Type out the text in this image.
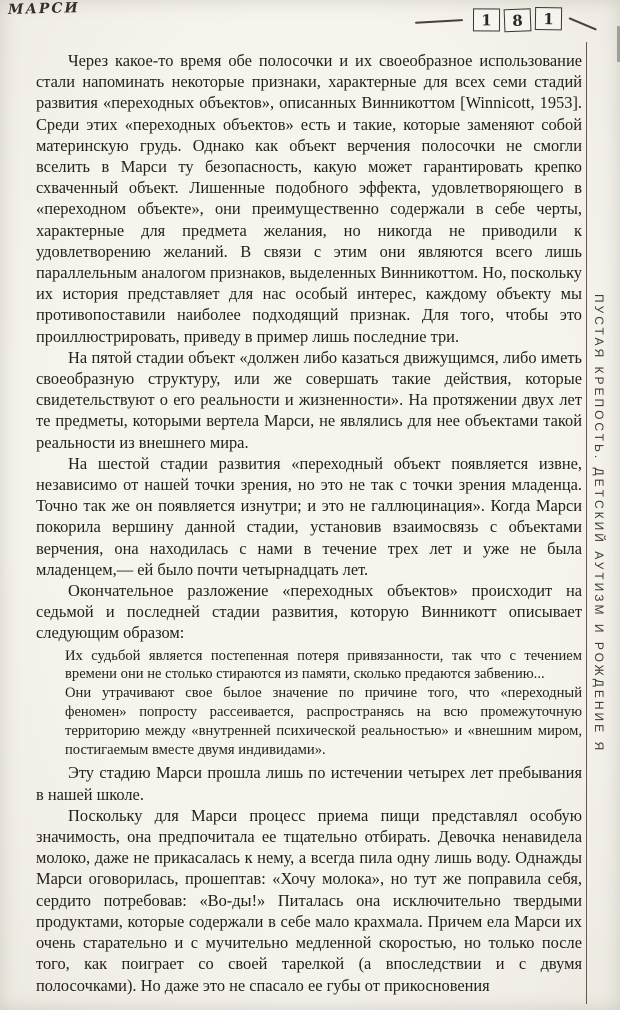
МАРСИ
1 8 1
ПУСТАЯ КРЕПОСТЬ. ДЕТСКИЙ АУТИЗМ И РОЖДЕНИЕ Я

Через какое-то время обе полосочки и их своеобразное использование стали напоминать некоторые признаки, характерные для всех семи стадий развития «переходных объектов», описанных Винникоттом [Winnicott, 1953]. Среди этих «переходных объектов» есть и такие, которые заменяют собой материнскую грудь. Однако как объект верчения полосочки не смогли вселить в Марси ту безопасность, какую может гарантировать крепко схваченный объект. Лишенные подобного эффекта, удовлетворяющего в «переходном объекте», они преимущественно содержали в себе черты, характерные для предмета желания, но никогда не приводили к удовлетворению желаний. В связи с этим они являются всего лишь параллельным аналогом признаков, выделенных Винникоттом. Но, поскольку их история представляет для нас особый интерес, каждому объекту мы противопоставили наиболее подходящий признак. Для того, чтобы это проиллюстрировать, приведу в пример лишь последние три.

На пятой стадии объект «должен либо казаться движущимся, либо иметь своеобразную структуру, или же совершать такие действия, которые свидетельствуют о его реальности и жизненности». На протяжении двух лет те предметы, которыми вертела Марси, не являлись для нее объектами такой реальности из внешнего мира.

На шестой стадии развития «переходный объект появляется извне, независимо от нашей точки зрения, но это не так с точки зрения младенца. Точно так же он появляется изнутри; и это не галлюцинация». Когда Марси покорила вершину данной стадии, установив взаимосвязь с объектами верчения, она находилась с нами в течение трех лет и уже не была младенцем,— ей было почти четырнадцать лет.

Окончательное разложение «переходных объектов» происходит на седьмой и последней стадии развития, которую Винникотт описывает следующим образом:

Их судьбой является постепенная потеря привязанности, так что с течением времени они не столько стираются из памяти, сколько предаются забвению...

Они утрачивают свое былое значение по причине того, что «переходный феномен» попросту рассеивается, распространясь на всю промежуточную территорию между «внутренней психической реальностью» и «внешним миром, постигаемым вместе двумя индивидами».

Эту стадию Марси прошла лишь по истечении четырех лет пребывания в нашей школе.

Поскольку для Марси процесс приема пищи представлял особую значимость, она предпочитала ее тщательно отбирать. Девочка ненавидела молоко, даже не прикасалась к нему, а всегда пила одну лишь воду. Однажды Марси оговорилась, прошептав: «Хочу молока», но тут же поправила себя, сердито потребовав: «Во-ды!» Питалась она исключительно твердыми продуктами, которые содержали в себе мало крахмала. Причем ела Марси их очень старательно и с мучительно медленной скоростью, но только после того, как поиграет со своей тарелкой (а впоследствии и с двумя полосочками). Но даже это не спасало ее губы от прикосновения
